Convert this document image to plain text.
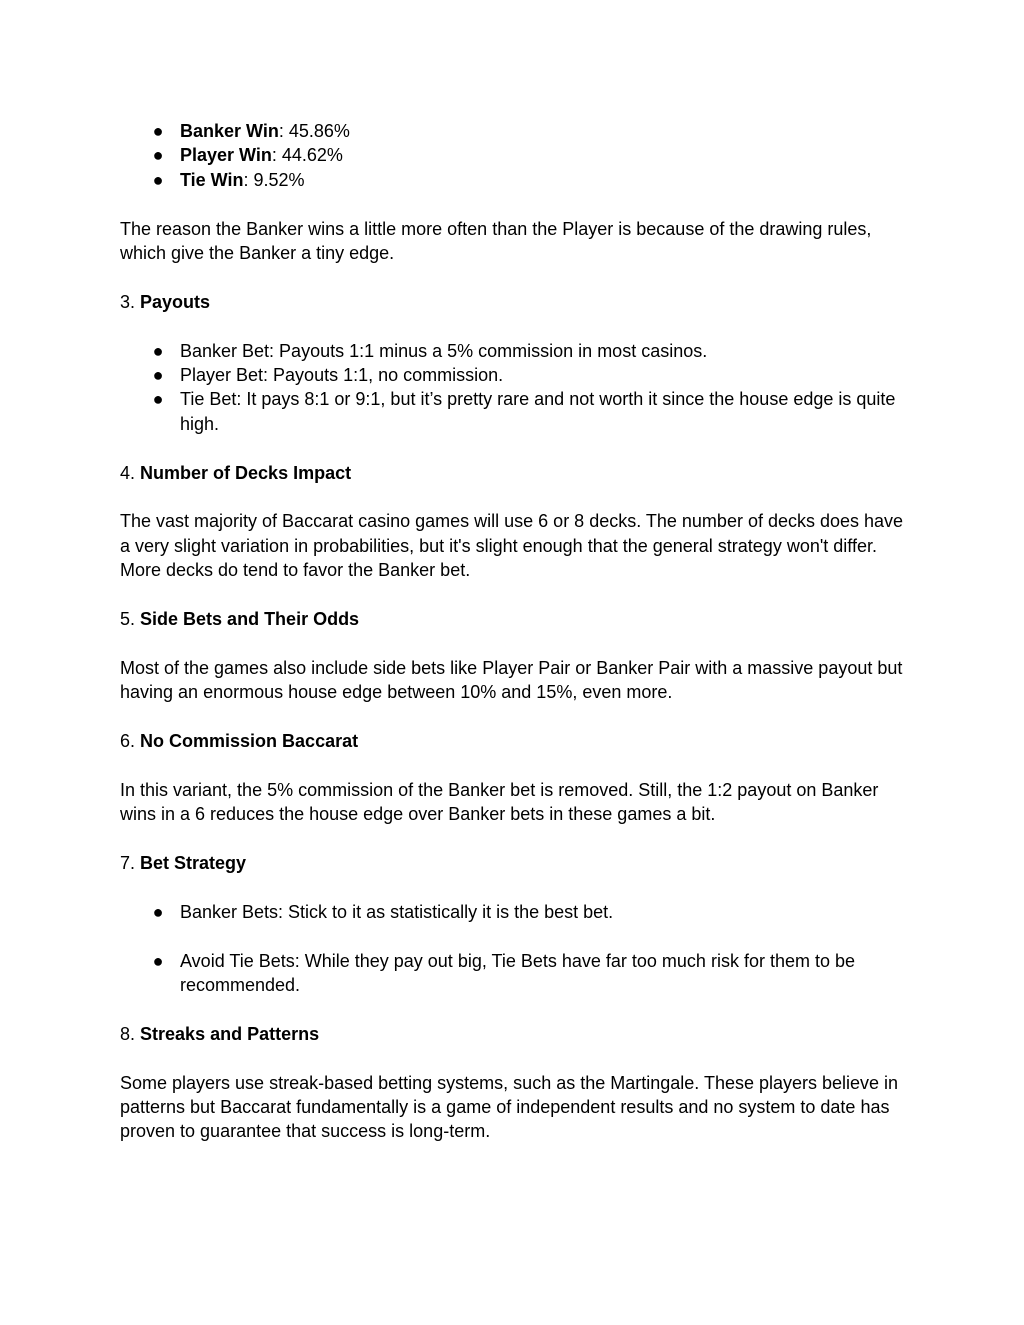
● Banker Win: 45.86%
● Player Win: 44.62%
● Tie Win: 9.52%

The reason the Banker wins a little more often than the Player is because of the drawing rules, which give the Banker a tiny edge.

3. Payouts

● Banker Bet: Payouts 1:1 minus a 5% commission in most casinos.
● Player Bet: Payouts 1:1, no commission.
● Tie Bet: It pays 8:1 or 9:1, but it’s pretty rare and not worth it since the house edge is quite high.

4. Number of Decks Impact

The vast majority of Baccarat casino games will use 6 or 8 decks. The number of decks does have a very slight variation in probabilities, but it's slight enough that the general strategy won't differ. More decks do tend to favor the Banker bet.

5. Side Bets and Their Odds

Most of the games also include side bets like Player Pair or Banker Pair with a massive payout but having an enormous house edge between 10% and 15%, even more.

6. No Commission Baccarat

In this variant, the 5% commission of the Banker bet is removed. Still, the 1:2 payout on Banker wins in a 6 reduces the house edge over Banker bets in these games a bit.

7. Bet Strategy

● Banker Bets: Stick to it as statistically it is the best bet.
● Avoid Tie Bets: While they pay out big, Tie Bets have far too much risk for them to be recommended.

8. Streaks and Patterns

Some players use streak-based betting systems, such as the Martingale. These players believe in patterns but Baccarat fundamentally is a game of independent results and no system to date has proven to guarantee that success is long-term.
